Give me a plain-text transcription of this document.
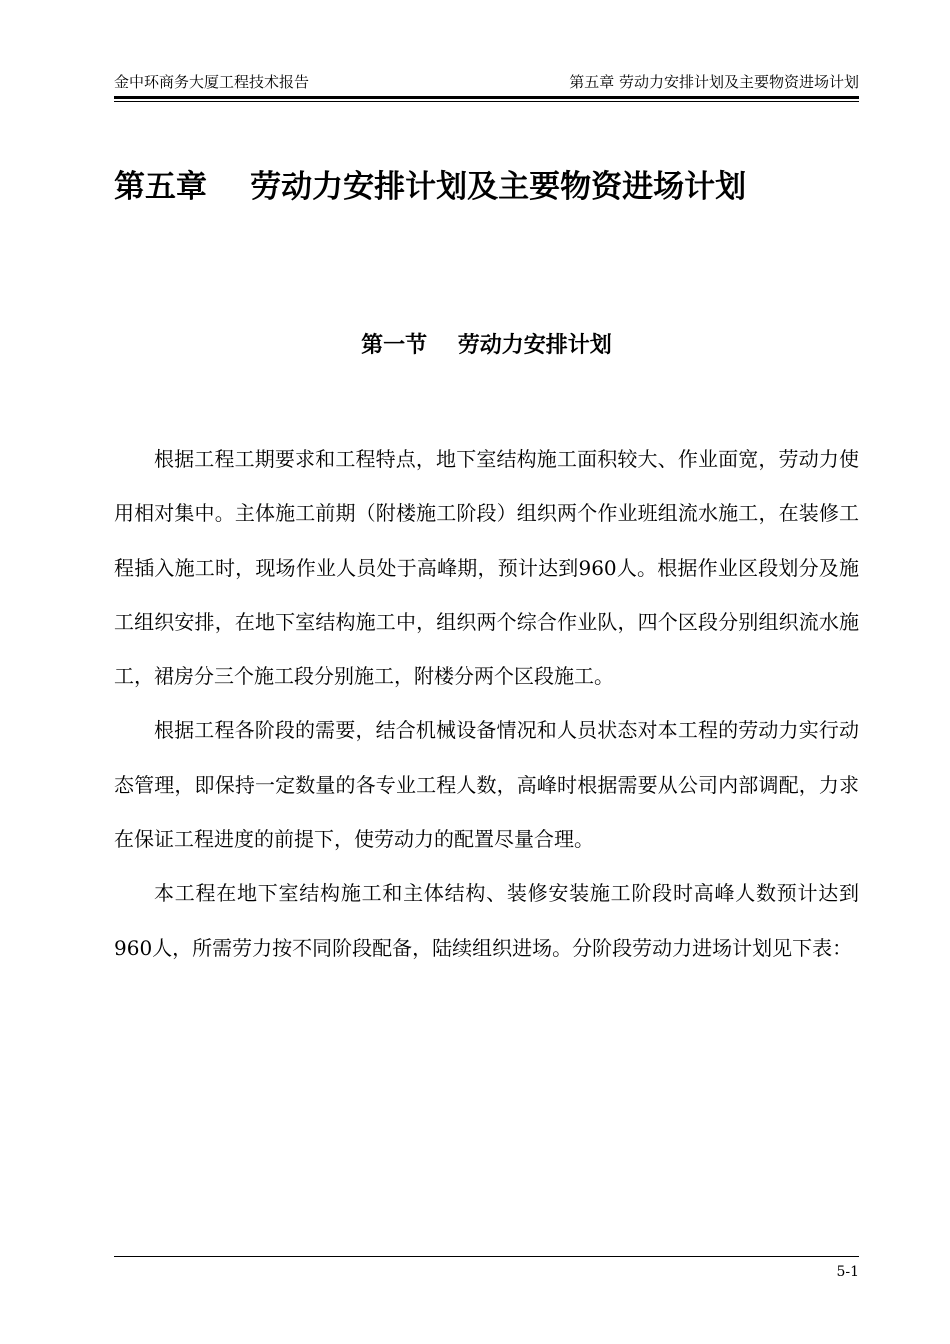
金中环商务大厦工程技术报告	第五章 劳动力安排计划及主要物资进场计划
第五章    劳动力安排计划及主要物资进场计划
第一节    劳动力安排计划

根据工程工期要求和工程特点，地下室结构施工面积较大、作业面宽，劳动力使用相对集中。主体施工前期（附楼施工阶段）组织两个作业班组流水施工，在装修工程插入施工时，现场作业人员处于高峰期，预计达到960人。根据作业区段划分及施工组织安排，在地下室结构施工中，组织两个综合作业队，四个区段分别组织流水施工，裙房分三个施工段分别施工，附楼分两个区段施工。

根据工程各阶段的需要，结合机械设备情况和人员状态对本工程的劳动力实行动态管理，即保持一定数量的各专业工程人数，高峰时根据需要从公司内部调配，力求在保证工程进度的前提下，使劳动力的配置尽量合理。

本工程在地下室结构施工和主体结构、装修安装施工阶段时高峰人数预计达到960人，所需劳力按不同阶段配备，陆续组织进场。分阶段劳动力进场计划见下表：

5-1
